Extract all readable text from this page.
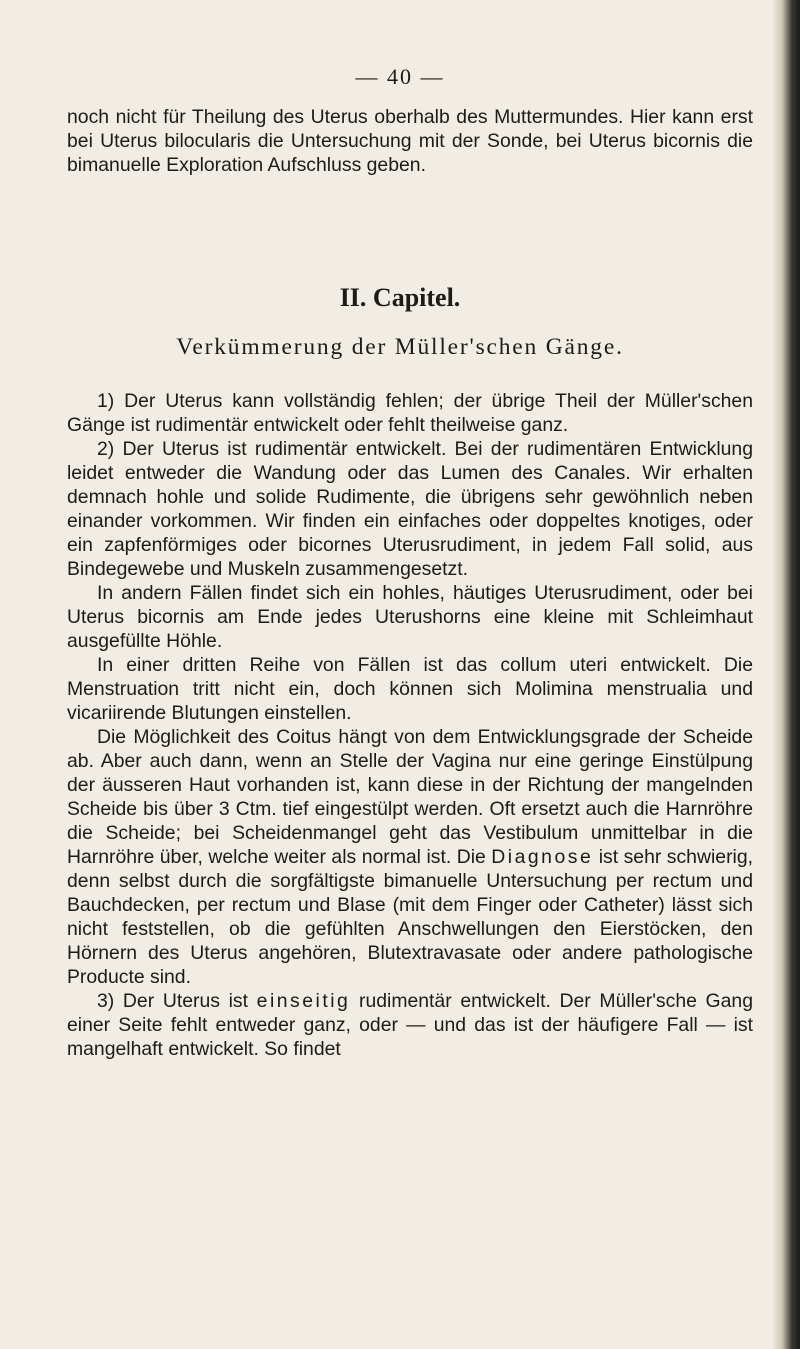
— 40 —

noch nicht für Theilung des Uterus oberhalb des Muttermundes. Hier kann erst bei Uterus bilocularis die Untersuchung mit der Sonde, bei Uterus bicornis die bimanuelle Exploration Aufschluss geben.

II. Capitel.
Verkümmerung der Müller'schen Gänge.

1) Der Uterus kann vollständig fehlen; der übrige Theil der Müller'schen Gänge ist rudimentär entwickelt oder fehlt theilweise ganz.

2) Der Uterus ist rudimentär entwickelt. Bei der rudimentären Entwicklung leidet entweder die Wandung oder das Lumen des Canales. Wir erhalten demnach hohle und solide Rudimente, die übrigens sehr gewöhnlich neben einander vorkommen. Wir finden ein einfaches oder doppeltes knotiges, oder ein zapfenförmiges oder bicornes Uterusrudiment, in jedem Fall solid, aus Bindegewebe und Muskeln zusammengesetzt.

In andern Fällen findet sich ein hohles, häutiges Uterusrudiment, oder bei Uterus bicornis am Ende jedes Uterushorns eine kleine mit Schleimhaut ausgefüllte Höhle.

In einer dritten Reihe von Fällen ist das collum uteri entwickelt. Die Menstruation tritt nicht ein, doch können sich Molimina menstrualia und vicariirende Blutungen einstellen.

Die Möglichkeit des Coitus hängt von dem Entwicklungsgrade der Scheide ab. Aber auch dann, wenn an Stelle der Vagina nur eine geringe Einstülpung der äusseren Haut vorhanden ist, kann diese in der Richtung der mangelnden Scheide bis über 3 Ctm. tief eingestülpt werden. Oft ersetzt auch die Harnröhre die Scheide; bei Scheidenmangel geht das Vestibulum unmittelbar in die Harnröhre über, welche weiter als normal ist. Die Diagnose ist sehr schwierig, denn selbst durch die sorgfältigste bimanuelle Untersuchung per rectum und Bauchdecken, per rectum und Blase (mit dem Finger oder Catheter) lässt sich nicht feststellen, ob die gefühlten Anschwellungen den Eierstöcken, den Hörnern des Uterus angehören, Blutextravasate oder andere pathologische Producte sind.

3) Der Uterus ist einseitig rudimentär entwickelt. Der Müller'sche Gang einer Seite fehlt entweder ganz, oder — und das ist der häufigere Fall — ist mangelhaft entwickelt. So findet
